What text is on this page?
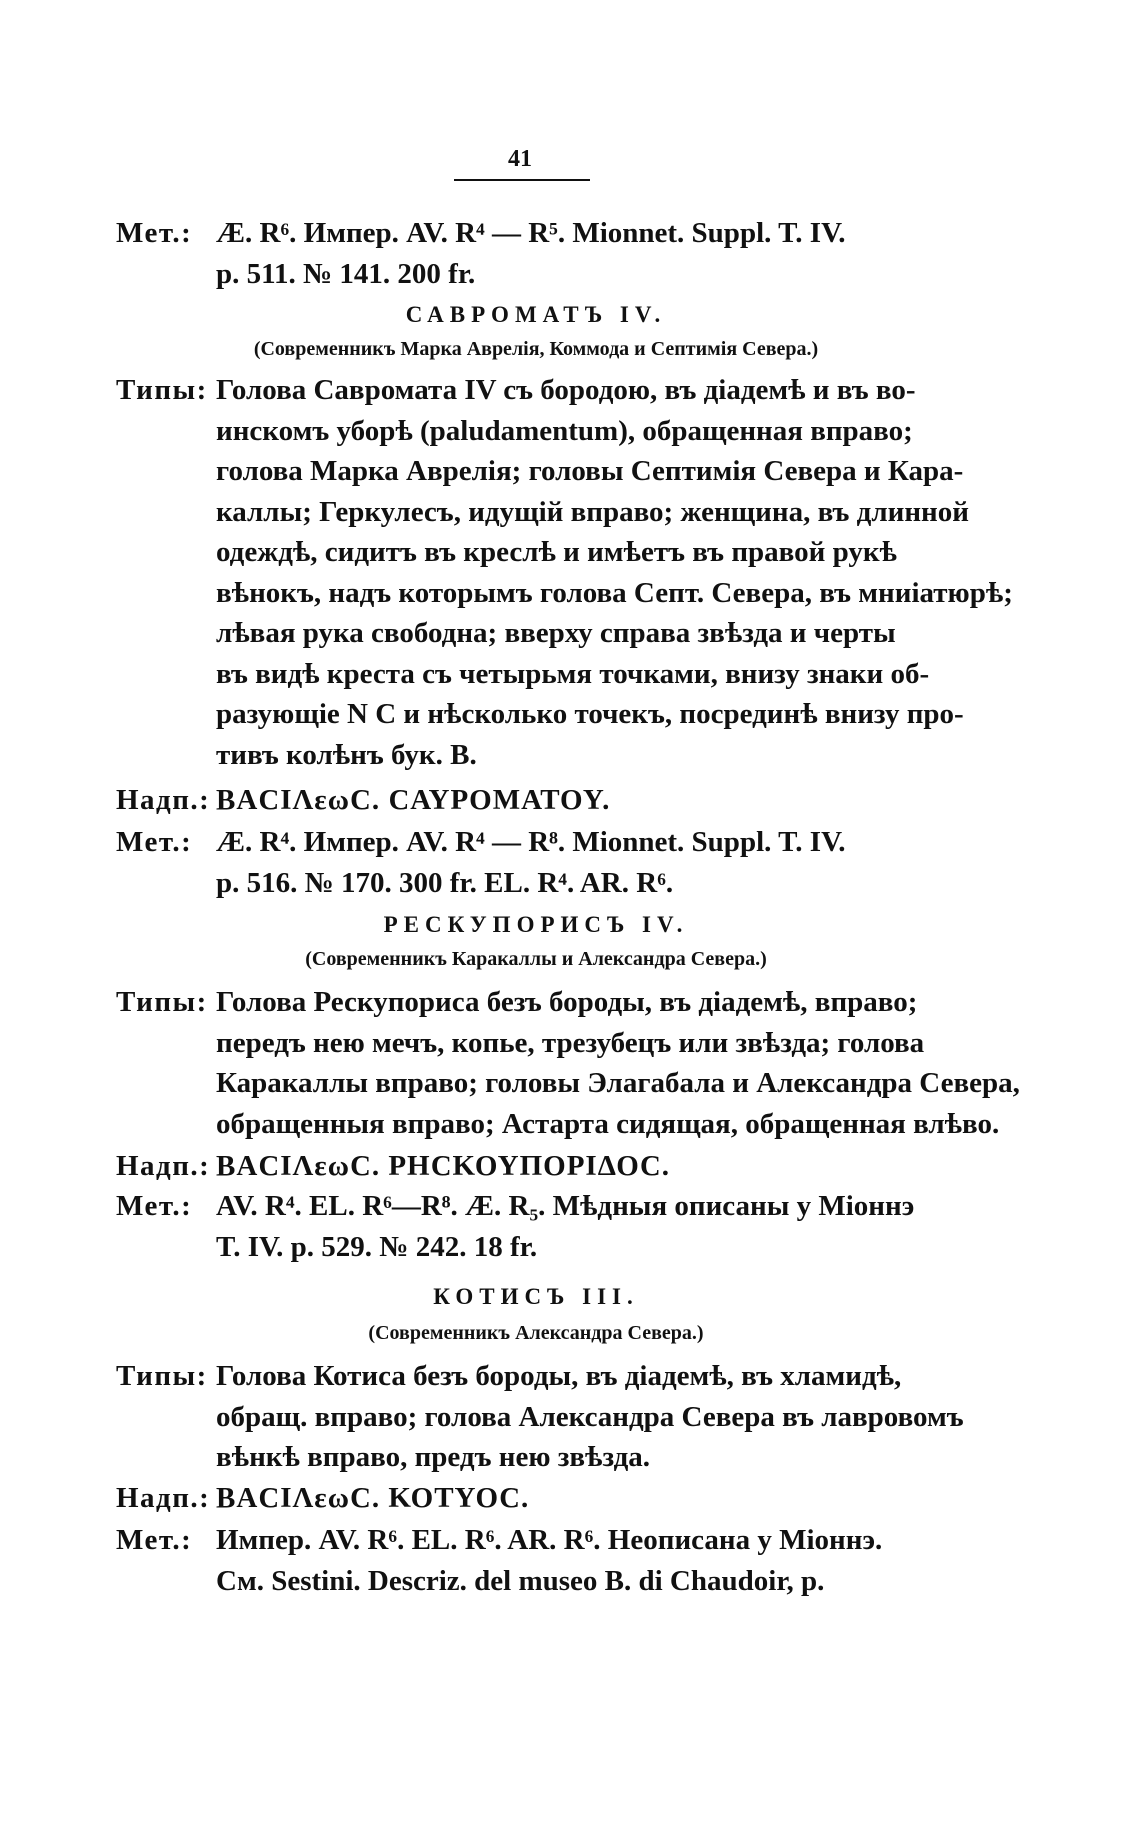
41
Мет.: Æ. R⁶. Импер. AV. R⁴ — R⁵. Mionnet. Suppl. T. IV.
p. 511. № 141. 200 fr.
САВРОМАТЪ IV.
(Современникъ Марка Аврелія, Коммода и Септимія Севера.)
Типы: Голова Савромата IV съ бородою, въ діадемѣ и въ во-
инскомъ уборѣ (paludamentum), обращенная вправо;
голова Марка Аврелія; головы Септимія Севера и Кара-
каллы; Геркулесъ, идущій вправо; женщина, въ длинной
одеждѣ, сидитъ въ креслѣ и имѣетъ въ правой рукѣ
вѣнокъ, надъ которымъ голова Септ. Севера, въ мниіатюрѣ;
лѣвая рука свободна; вверху справа звѣзда и черты
въ видѣ креста съ четырьмя точками, внизу знаки об-
разующіе N C и нѣсколько точекъ, посрединѣ внизу про-
тивъ колѣнъ бук. B.
Надп.: ΒΑϹΙΛεωϹ. ϹΑΥΡΟΜΑΤΟΥ.
Мет.: Æ. R⁴. Импер. AV. R⁴ — R⁸. Mionnet. Suppl. T. IV.
p. 516. № 170. 300 fr. EL. R⁴. AR. R⁶.
РЕСКУПОРИСЪ IV.
(Современникъ Каракаллы и Александра Севера.)
Типы: Голова Рескупориса безъ бороды, въ діадемѣ, вправо;
передъ нею мечъ, копье, трезубецъ или звѣзда; голова
Каракаллы вправо; головы Элагабала и Александра Севера,
обращенныя вправо; Астарта сидящая, обращенная влѣво.
Надп.: ΒΑϹΙΛεωϹ. ΡΗϹΚΟΥΠΟΡΙΔΟϹ.
Мет.: AV. R⁴. EL. R⁶—R⁸. Æ. R₅. Мѣдныя описаны у Міоннэ
T. IV. p. 529. № 242. 18 fr.
КОТИСЪ III.
(Современникъ Александра Севера.)
Типы: Голова Котиса безъ бороды, въ діадемѣ, въ хламидѣ,
обращ. вправо; голова Александра Севера въ лавровомъ
вѣнкѣ вправо, предъ нею звѣзда.
Надп.: ΒΑϹΙΛεωϹ. ΚΟΤΥΟϹ.
Мет.: Импер. AV. R⁶. EL. R⁶. AR. R⁶. Неописана у Міоннэ.
См. Sestini. Descriz. del museo B. di Chaudoir, p.
